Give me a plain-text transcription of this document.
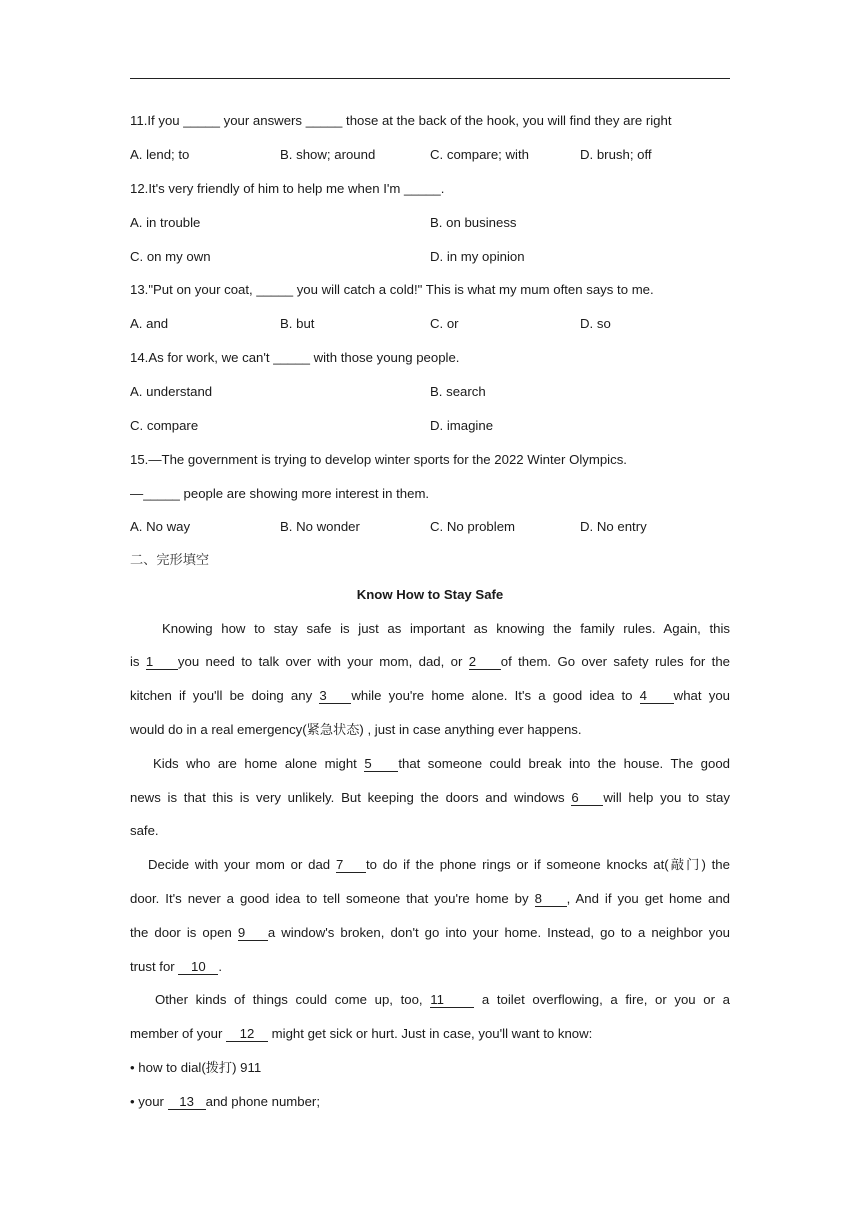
11.If you _____ your answers _____ those at the back of the hook, you will find they are right
A. lend; to	B. show; around	C. compare; with	D. brush; off
12.It's very friendly of him to help me when I'm _____.
A. in trouble	B. on business
C. on my own	D. in my opinion
13."Put on your coat, _____ you will catch a cold!" This is what my mum often says to me.
A. and	B. but	C. or	D. so
14.As for work, we can't _____ with those young people.
A. understand	B. search
C. compare	D. imagine
15.—The government is trying to develop winter sports for the 2022 Winter Olympics.
—_____ people are showing more interest in them.
A. No way	B. No wonder	C. No problem	D. No entry
二、完形填空
Know How to Stay Safe
Knowing how to stay safe is just as important as knowing the family rules. Again, this
is 1 you need to talk over with your mom, dad, or 2 of them. Go over safety rules for the
kitchen if you'll be doing any 3 while you're home alone. It's a good idea to 4 what you
would do in a real emergency(紧急状态) , just in case anything ever happens.
Kids who are home alone might 5 that someone could break into the house. The good
news is that this is very unlikely. But keeping the doors and windows 6 will help you to stay
safe.
Decide with your mom or dad 7 to do if the phone rings or if someone knocks at(敲门) the
door. It's never a good idea to tell someone that you're home by 8 , And if you get home and
the door is open 9 a window's broken, don't go into your home. Instead, go to a neighbor you
trust for 10 .
Other kinds of things could come up, too, 11 a toilet overflowing, a fire, or you or a
member of your 12 might get sick or hurt. Just in case, you'll want to know:
• how to dial(拨打) 911
• your 13 and phone number;
